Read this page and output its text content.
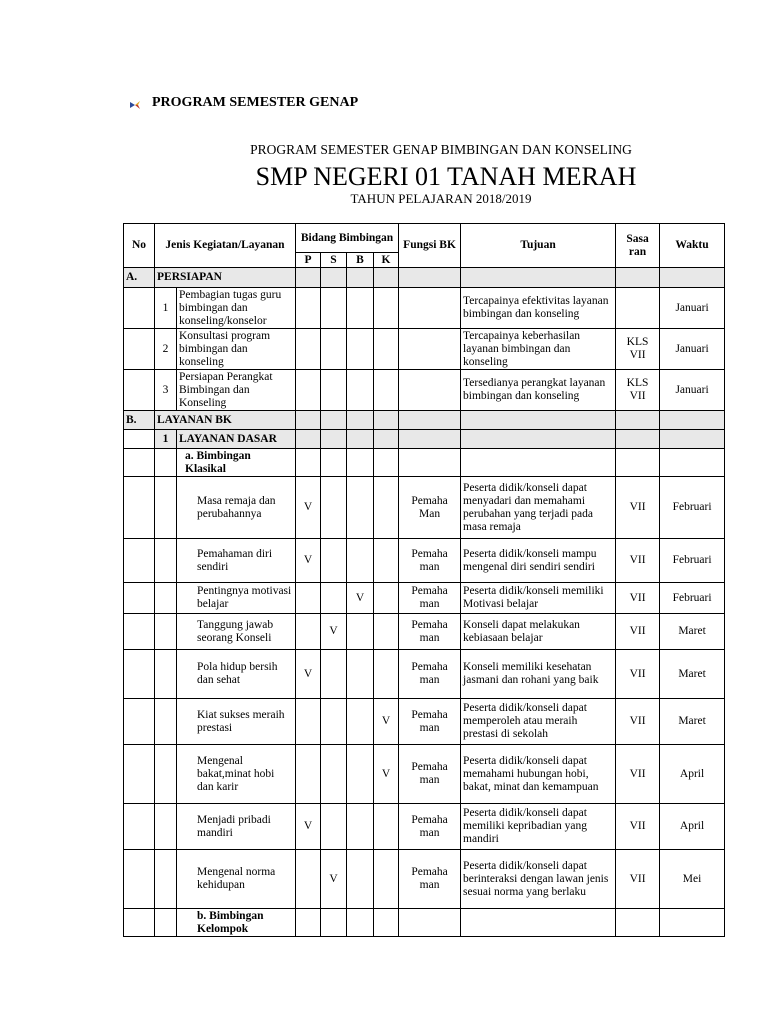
PROGRAM SEMESTER GENAP
PROGRAM SEMESTER GENAP BIMBINGAN DAN KONSELING
SMP NEGERI 01 TANAH MERAH
TAHUN PELAJARAN 2018/2019
No	Jenis Kegiatan/Layanan		Bidang Bimbingan				Fungsi BK	Tujuan	Sasa ran	Waktu
			P	S	B	K				
A.	PERSIAPAN									
	1	Pembagian tugas guru bimbingan dan konseling/konselor						Tercapainya efektivitas layanan bimbingan dan konseling		Januari
	2	Konsultasi program bimbingan dan konseling						Tercapainya keberhasilan layanan bimbingan dan konseling	KLS VII	Januari
	3	Persiapan Perangkat Bimbingan dan Konseling						Tersedianya perangkat layanan bimbingan dan konseling	KLS VII	Januari
B.	LAYANAN BK									
	1	LAYANAN DASAR								
		a. Bimbingan Klasikal								
		Masa remaja dan perubahannya	V				Pemaha Man	Peserta didik/konseli dapat menyadari dan memahami perubahan yang terjadi pada masa remaja	VII	Februari
		Pemahaman diri sendiri	V				Pemaha man	Peserta didik/konseli mampu mengenal diri sendiri sendiri	VII	Februari
		Pentingnya motivasi belajar			V		Pemaha man	Peserta didik/konseli memiliki Motivasi belajar	VII	Februari
		Tanggung jawab seorang Konseli		V			Pemaha man	Konseli dapat melakukan kebiasaan belajar	VII	Maret
		Pola hidup bersih dan sehat	V				Pemaha man	Konseli memiliki kesehatan jasmani dan rohani yang baik	VII	Maret
		Kiat sukses meraih prestasi				V	Pemaha man	Peserta didik/konseli dapat memperoleh atau meraih prestasi di sekolah	VII	Maret
		Mengenal bakat,minat hobi dan karir				V	Pemaha man	Peserta didik/konseli dapat memahami hubungan hobi, bakat, minat dan kemampuan	VII	April
		Menjadi pribadi mandiri	V				Pemaha man	Peserta didik/konseli dapat memiliki kepribadian yang mandiri	VII	April
		Mengenal norma kehidupan		V			Pemaha man	Peserta didik/konseli dapat berinteraksi dengan lawan jenis sesuai norma yang berlaku	VII	Mei
		b. Bimbingan Kelompok								
